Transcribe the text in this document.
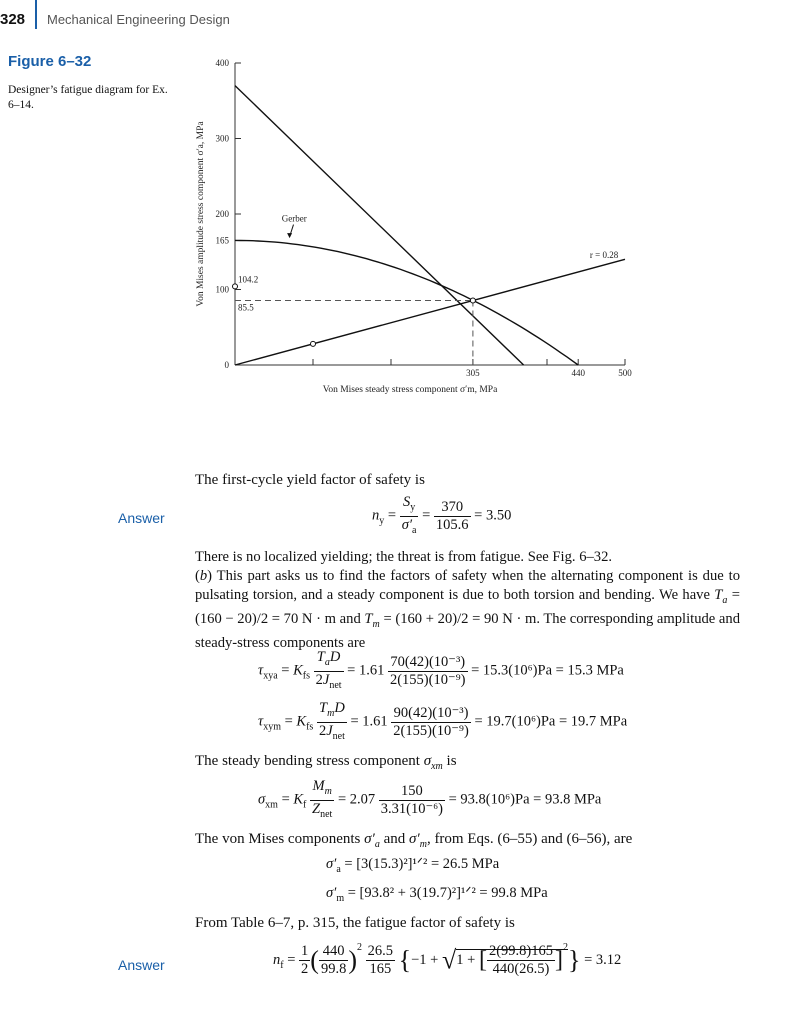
328 Mechanical Engineering Design
Figure 6–32
Designer’s fatigue diagram for Ex. 6–14.
0
100
200
300
400
305	440	500
165
104.2
85.5
Gerber
r = 0.28
Von Mises steady stress component σ′m, MPa
Von Mises amplitude stress component σ′a, MPa
The first-cycle yield factor of safety is
Answer	$n_y = \frac{S_y}{\sigma'_a} = \frac{370}{105.6} = 3.50$
There is no localized yielding; the threat is from fatigue. See Fig. 6–32.
(b) This part asks us to find the factors of safety when the alternating component is due to pulsating torsion, and a steady component is due to both torsion and bending. We have $T_a = (160 - 20)/2 = 70$ N · m and $T_m = (160 + 20)/2 = 90$ N · m. The corresponding amplitude and steady-stress components are
$\tau_{xya} = K_{fs} \frac{T_aD}{2J_{net}} = 1.61 \frac{\text{70(42)(10⁻³)}}{\text{2(155)(10⁻⁹)}} = 15.3(10^6)Pa = 15.3$ MPa
$\tau_{xym} = K_{fs} \frac{T_mD}{2J_{net}} = 1.61 \frac{\text{90(42)(10⁻³)}}{\text{2(155)(10⁻⁹)}} = 19.7(10^6)Pa = 19.7$ MPa
The steady bending stress component $\sigma_{xm}$ is
$\sigma_{xm} = K_f \frac{M_m}{Z_{net}} = 2.07 \frac{150}{\text{3.31(10⁻⁶)}} = 93.8(10^6)Pa = 93.8$ MPa
The von Mises components $\sigma'_a$ and $\sigma'_m$, from Eqs. (6–55) and (6–56), are
$\sigma'_a$ = [3(15.3)²]¹ᐟ² = 26.5 MPa
$\sigma'_m = [93.8^2$ + 3(19.7)²]¹ᐟ² = 99.8 MPa
From Table 6–7, p. 315, the fatigue factor of safety is
Answer	$n_f = \frac{1}{2}$ ( $\frac{440}{99.8} )^2 \frac{26.5}{165} \{-1 + √1$ + [ $\frac{2(99.8)165}{440(26.5)} ]^2\} = 3.12$
